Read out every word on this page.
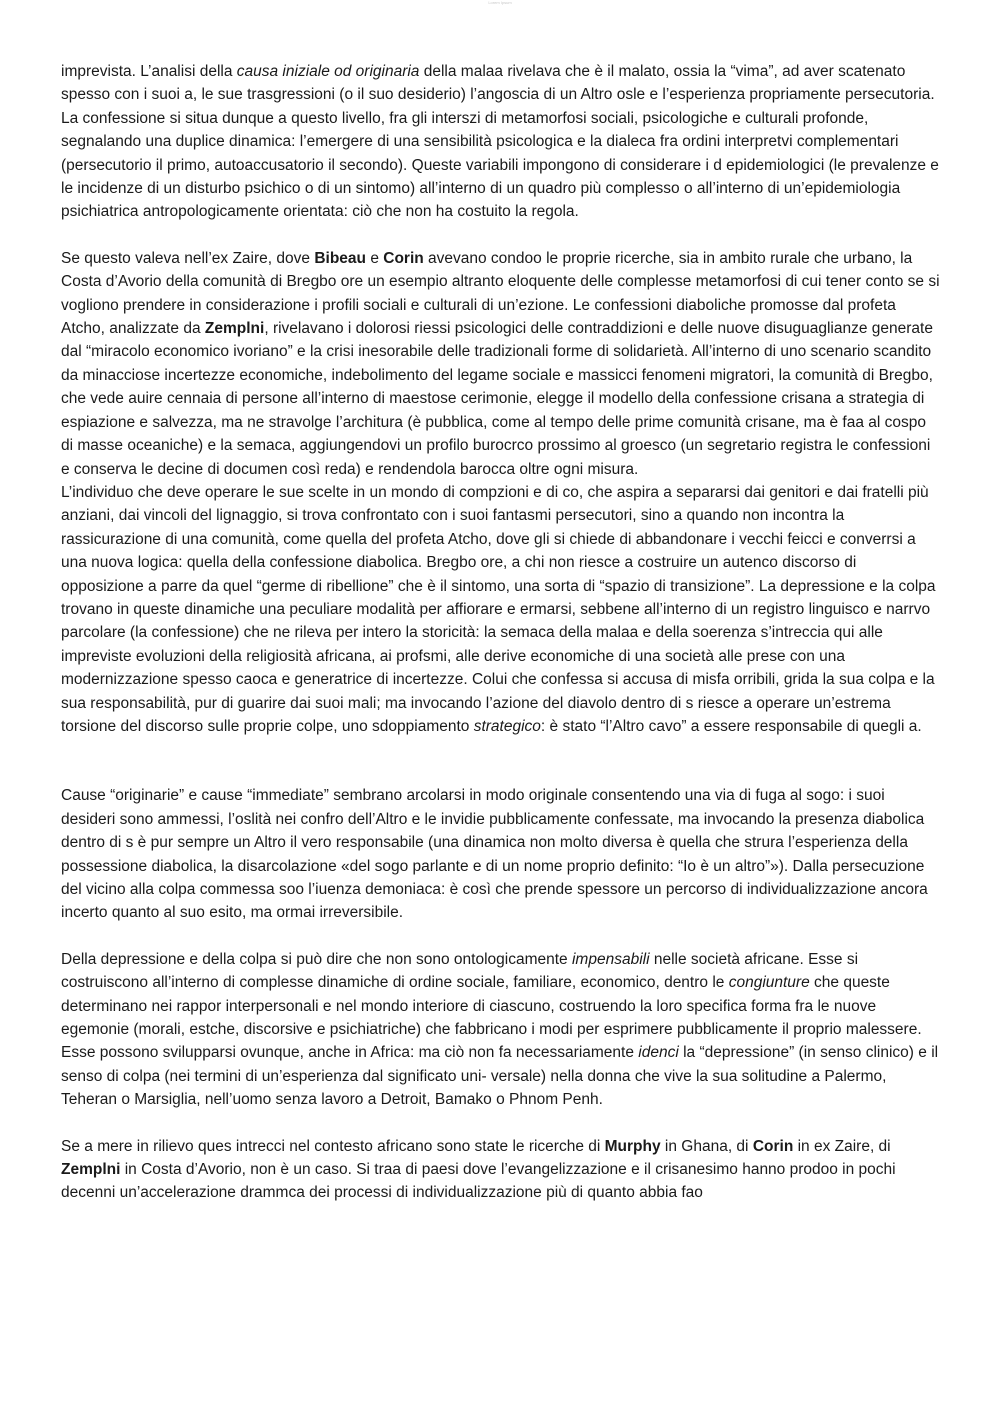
Lorem Ipsum

imprevista. L’analisi della causa iniziale od originaria della malaa rivelava che è il malato, ossia la “vima”, ad aver scatenato spesso con i suoi a, le sue trasgressioni (o il suo desiderio) l’angoscia di un Altro osle e l’esperienza propriamente persecutoria. La confessione si situa dunque a questo livello, fra gli interszi di metamorfosi sociali, psicologiche e culturali profonde, segnalando una duplice dinamica: l’emergere di una sensibilità psicologica e la dialeca fra ordini interpretvi complementari (persecutorio il primo, autoaccusatorio il secondo). Queste variabili impongono di considerare i d epidemiologici (le prevalenze e le incidenze di un disturbo psichico o di un sintomo) all’interno di un quadro più complesso o all’interno di un’epidemiologia psichiatrica antropologicamente orientata: ciò che non ha costuito la regola.

Se questo valeva nell’ex Zaire, dove Bibeau e Corin avevano condoo le proprie ricerche, sia in ambito rurale che urbano, la Costa d’Avorio della comunità di Bregbo ore un esempio altranto eloquente delle complesse metamorfosi di cui tener conto se si vogliono prendere in considerazione i profili sociali e culturali di un’ezione. Le confessioni diaboliche promosse dal profeta Atcho, analizzate da Zemplni, rivelavano i dolorosi riessi psicologici delle contraddizioni e delle nuove disuguaglianze generate dal “miracolo economico ivoriano” e la crisi inesorabile delle tradizionali forme di solidarietà. All’interno di uno scenario scandito da minacciose incertezze economiche, indebolimento del legame sociale e massicci fenomeni migratori, la comunità di Bregbo, che vede auire cennaia di persone all’interno di maestose cerimonie, elegge il modello della confessione crisana a strategia di espiazione e salvezza, ma ne stravolge l’architura (è pubblica, come al tempo delle prime comunità crisane, ma è faa al cospo di masse oceaniche) e la semaca, aggiungendovi un profilo burocrco prossimo al groesco (un segretario registra le confessioni e conserva le decine di documen così reda) e rendendola barocca oltre ogni misura.

L’individuo che deve operare le sue scelte in un mondo di compzioni e di co, che aspira a separarsi dai genitori e dai fratelli più anziani, dai vincoli del lignaggio, si trova confrontato con i suoi fantasmi persecutori, sino a quando non incontra la rassicurazione di una comunità, come quella del profeta Atcho, dove gli si chiede di abbandonare i vecchi feicci e converrsi a una nuova logica: quella della confessione diabolica. Bregbo ore, a chi non riesce a costruire un autenco discorso di opposizione a parre da quel “germe di ribellione” che è il sintomo, una sorta di “spazio di transizione”. La depressione e la colpa trovano in queste dinamiche una peculiare modalità per affiorare e ermarsi, sebbene all’interno di un registro linguisco e narrvo parcolare (la confessione) che ne rileva per intero la storicità: la semaca della malaa e della soerenza s’intreccia qui alle impreviste evoluzioni della religiosità africana, ai profsmi, alle derive economiche di una società alle prese con una modernizzazione spesso caoca e generatrice di incertezze. Colui che confessa si accusa di misfa orribili, grida la sua colpa e la sua responsabilità, pur di guarire dai suoi mali; ma invocando l’azione del diavolo dentro di s riesce a operare un’estrema torsione del discorso sulle proprie colpe, uno sdoppiamento strategico: è stato “l’Altro cavo” a essere responsabile di quegli a.

Cause “originarie” e cause “immediate” sembrano arcolarsi in modo originale consentendo una via di fuga al sogo: i suoi desideri sono ammessi, l’oslità nei confro dell’Altro e le invidie pubblicamente confessate, ma invocando la presenza diabolica dentro di s è pur sempre un Altro il vero responsabile (una dinamica non molto diversa è quella che strura l’esperienza della possessione diabolica, la disarcolazione «del sogo parlante e di un nome proprio definito: “Io è un altro”»). Dalla persecuzione del vicino alla colpa commessa soo l’iuenza demoniaca: è così che prende spessore un percorso di individualizzazione ancora incerto quanto al suo esito, ma ormai irreversibile.

Della depressione e della colpa si può dire che non sono ontologicamente impensabili nelle società africane. Esse si costruiscono all’interno di complesse dinamiche di ordine sociale, familiare, economico, dentro le congiunture che queste determinano nei rappor interpersonali e nel mondo interiore di ciascuno, costruendo la loro specifica forma fra le nuove egemonie (morali, estche, discorsive e psichiatriche) che fabbricano i modi per esprimere pubblicamente il proprio malessere. Esse possono svilupparsi ovunque, anche in Africa: ma ciò non fa necessariamente idenci la “depressione” (in senso clinico) e il senso di colpa (nei termini di un’esperienza dal significato uni- versale) nella donna che vive la sua solitudine a Palermo, Teheran o Marsiglia, nell’uomo senza lavoro a Detroit, Bamako o Phnom Penh.

Se a mere in rilievo ques intrecci nel contesto africano sono state le ricerche di Murphy in Ghana, di Corin in ex Zaire, di Zemplni in Costa d’Avorio, non è un caso. Si traa di paesi dove l’evangelizzazione e il crisanesimo hanno prodoo in pochi decenni un’accelerazione drammca dei processi di individualizzazione più di quanto abbia fao
